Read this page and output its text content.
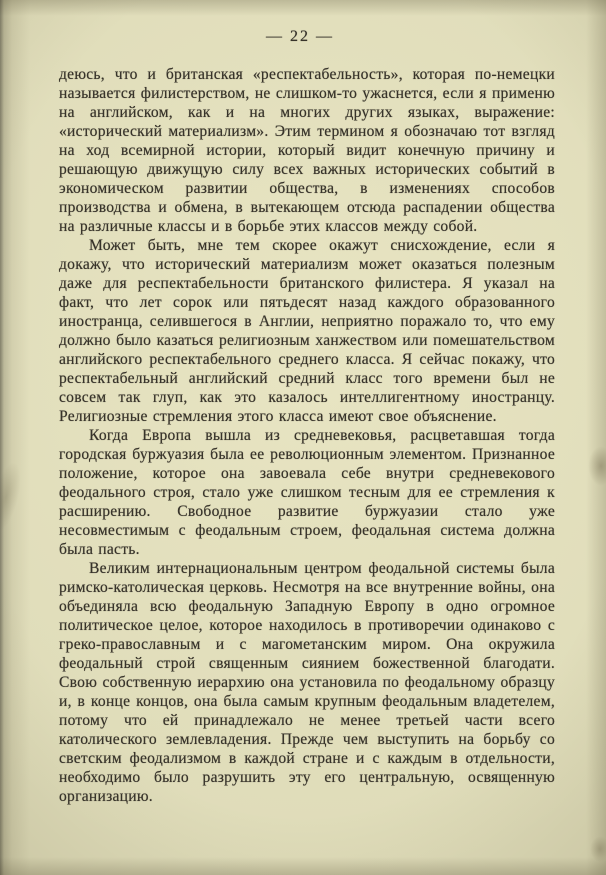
— 22 —

деюсь, что и британская «респектабельность», которая по-немецки называется филистерством, не слишком-то ужаснется, если я применю на английском, как и на многих других языках, выражение: «исторический материализм». Этим термином я обозначаю тот взгляд на ход всемирной истории, который видит конечную причину и решающую движущую силу всех важных исторических событий в экономическом развитии общества, в изменениях способов производства и обмена, в вытекающем отсюда распадении общества на различные классы и в борьбе этих классов между собой.

Может быть, мне тем скорее окажут снисхождение, если я докажу, что исторический материализм может оказаться полезным даже для респектабельности британского филистера. Я указал на факт, что лет сорок или пятьдесят назад каждого образованного иностранца, селившегося в Англии, неприятно поражало то, что ему должно было казаться религиозным ханжеством или помешательством английского респектабельного среднего класса. Я сейчас покажу, что респектабельный английский средний класс того времени был не совсем так глуп, как это казалось интеллигентному иностранцу. Религиозные стремления этого класса имеют свое объяснение.

Когда Европа вышла из средневековья, расцветавшая тогда городская буржуазия была ее революционным элементом. Признанное положение, которое она завоевала себе внутри средневекового феодального строя, стало уже слишком тесным для ее стремления к расширению. Свободное развитие буржуазии стало уже несовместимым с феодальным строем, феодальная система должна была пасть.

Великим интернациональным центром феодальной системы была римско-католическая церковь. Несмотря на все внутренние войны, она объединяла всю феодальную Западную Европу в одно огромное политическое целое, которое находилось в противоречии одинаково с греко-православным и с магометанским миром. Она окружила феодальный строй священным сиянием божественной благодати. Свою собственную иерархию она установила по феодальному образцу и, в конце концов, она была самым крупным феодальным владетелем, потому что ей принадлежало не менее третьей части всего католического землевладения. Прежде чем выступить на борьбу со светским феодализмом в каждой стране и с каждым в отдельности, необходимо было разрушить эту его центральную, освященную организацию.
